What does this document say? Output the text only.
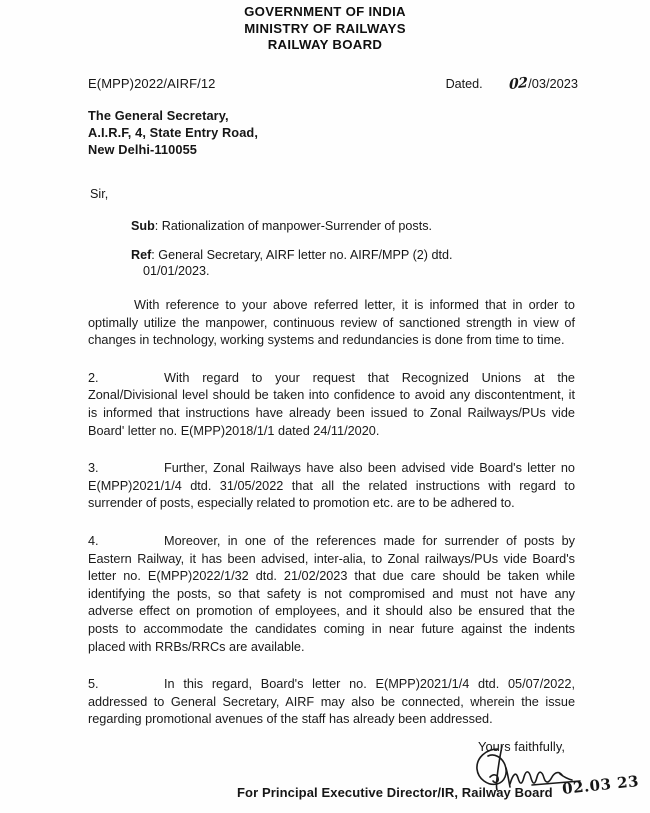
GOVERNMENT OF INDIA
MINISTRY OF RAILWAYS
RAILWAY BOARD
E(MPP)2022/AIRF/12	Dated. 02 /03/2023
The General Secretary,
A.I.R.F, 4, State Entry Road,
New Delhi-110055
Sir,
Sub: Rationalization of manpower-Surrender of posts.
Ref: General Secretary, AIRF letter no. AIRF/MPP (2) dtd.
01/01/2023.

With reference to your above referred letter, it is informed that in order to optimally utilize the manpower, continuous review of sanctioned strength in view of changes in technology, working systems and redundancies is done from time to time.

2.	With regard to your request that Recognized Unions at the Zonal/Divisional level should be taken into confidence to avoid any discontentment, it is informed that instructions have already been issued to Zonal Railways/PUs vide Board' letter no. E(MPP)2018/1/1 dated 24/11/2020.

3.	Further, Zonal Railways have also been advised vide Board's letter no E(MPP)2021/1/4 dtd. 31/05/2022 that all the related instructions with regard to surrender of posts, especially related to promotion etc. are to be adhered to.

4.	Moreover, in one of the references made for surrender of posts by Eastern Railway, it has been advised, inter-alia, to Zonal railways/PUs vide Board's letter no. E(MPP)2022/1/32 dtd. 21/02/2023 that due care should be taken while identifying the posts, so that safety is not compromised and must not have any adverse effect on promotion of employees, and it should also be ensured that the posts to accommodate the candidates coming in near future against the indents placed with RRBs/RRCs are available.

5.	In this regard, Board's letter no. E(MPP)2021/1/4 dtd. 05/07/2022, addressed to General Secretary, AIRF may also be connected, wherein the issue regarding promotional avenues of the staff has already been addressed.

Yours faithfully,
02.03 23
For Principal Executive Director/IR, Railway Board
